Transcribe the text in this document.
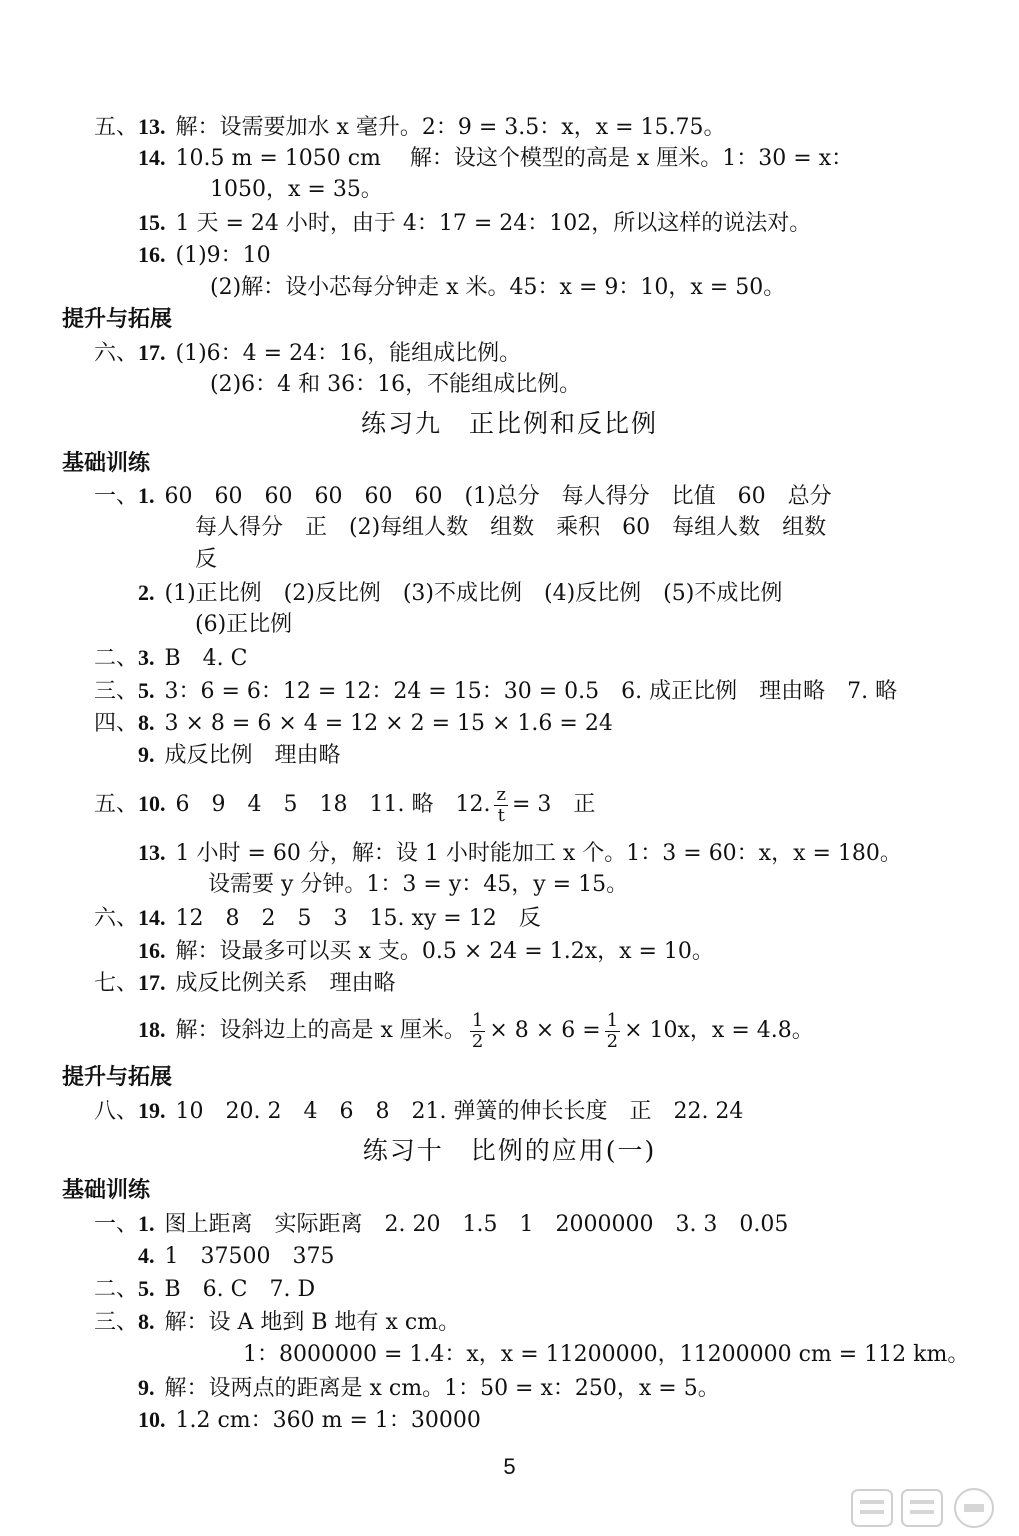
五、13. 解：设需要加水 x 毫升。2：9 = 3.5：x，x = 15.75。
14. 10.5 m = 1050 cm　 解：设这个模型的高是 x 厘米。1：30 = x：
1050，x = 35。
15. 1 天 = 24 小时，由于 4：17 = 24：102，所以这样的说法对。
16. (1)9：10
(2)解：设小芯每分钟走 x 米。45：x = 9：10，x = 50。
提升与拓展
六、17. (1)6：4 = 24：16，能组成比例。
(2)6：4 和 36：16，不能组成比例。
练习九　正比例和反比例
基础训练
一、1. 60　60　60　60　60　60　(1)总分　每人得分　比值　60　总分
每人得分　正　(2)每组人数　组数　乘积　60　每组人数　组数
反
2. (1)正比例　(2)反比例　(3)不成比例　(4)反比例　(5)不成比例
(6)正比例
二、3. B　4. C
三、5. 3：6 = 6：12 = 12：24 = 15：30 = 0.5　6. 成正比例　理由略　7. 略
四、8. 3 × 8 = 6 × 4 = 12 × 2 = 15 × 1.6 = 24
9. 成反比例　理由略
五、10. 6　9　4　5　18　11. 略　12. $\frac{z}{t} = 3$　正
13. 1 小时 = 60 分，解：设 1 小时能加工 x 个。1：3 = 60：x，x = 180。
设需要 y 分钟。1：3 = y：45，y = 15。
六、14. 12　8　2　5　3　15. xy = 12　反
16. 解：设最多可以买 x 支。0.5 × 24 = 1.2x，x = 10。
七、17. 成反比例关系　理由略
18. 解：设斜边上的高是 x 厘米。 $\frac{1}{2} \times 8 \times 6 = \frac{1}{2} \times 10x$，x = 4.8。
提升与拓展
八、19. 10　20. 2　4　6　8　21. 弹簧的伸长长度　正　22. 24
练习十　比例的应用(一)
基础训练
一、1. 图上距离　实际距离　2. 20　1.5　1　2000000　3. 3　0.05
4. 1　37500　375
二、5. B　6. C　7. D
三、8. 解：设 A 地到 B 地有 x cm。
1：8000000 = 1.4：x，x = 11200000，11200000 cm = 112 km。
9. 解：设两点的距离是 x cm。1：50 = x：250，x = 5。
10. 1.2 cm：360 m = 1：30000
5
